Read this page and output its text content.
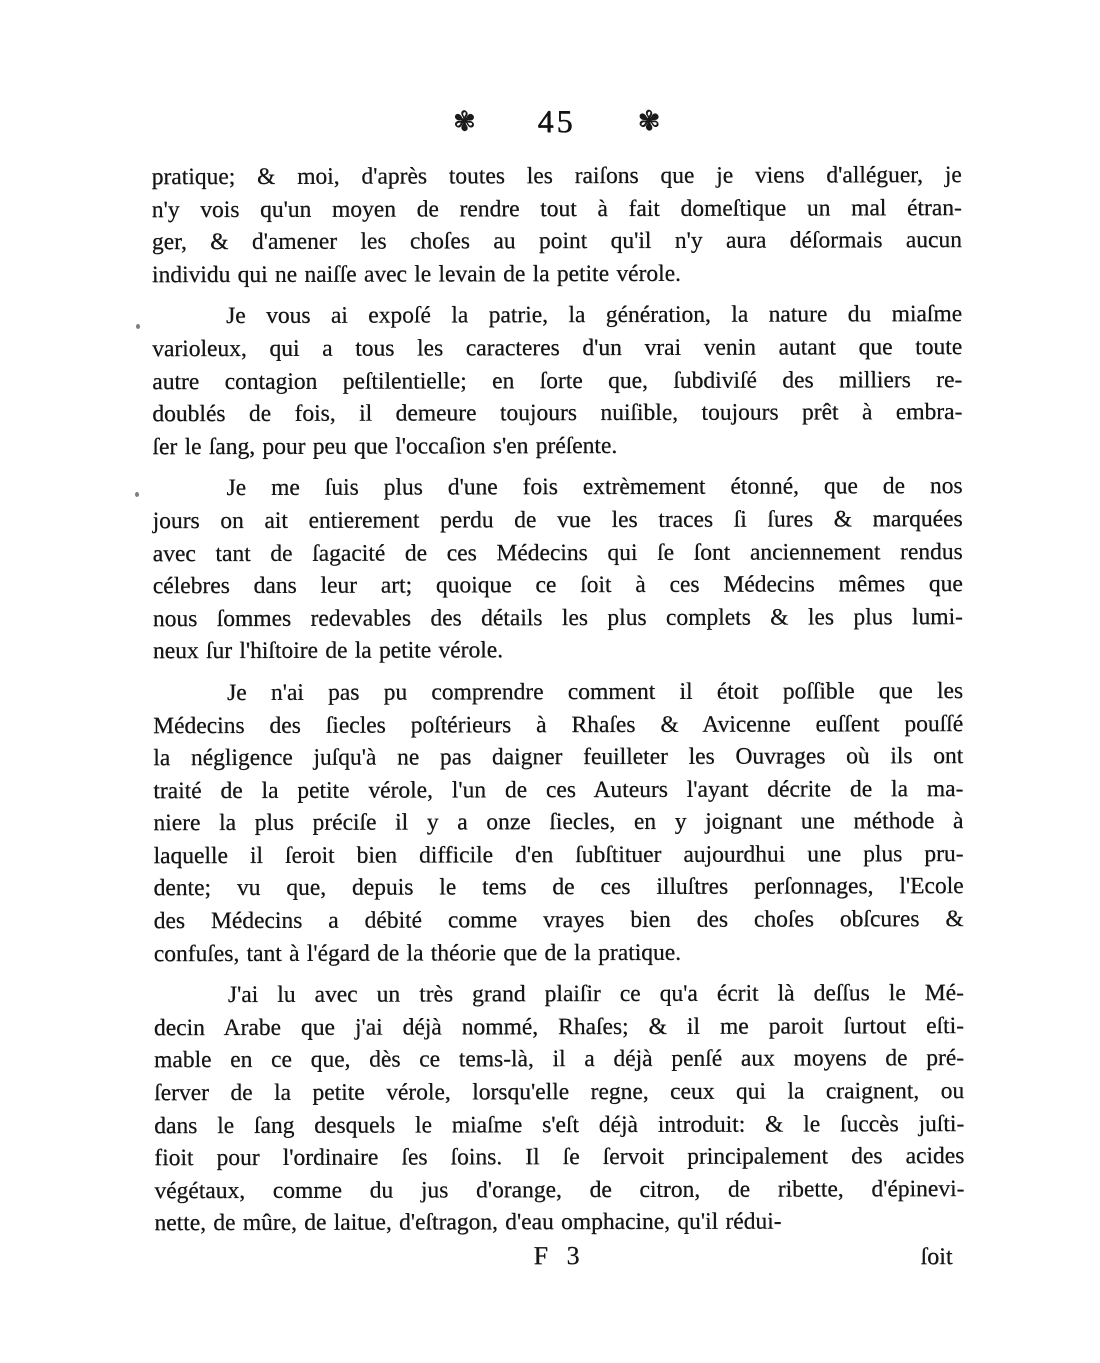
✾ 45 ✾

pratique; & moi, d'après toutes les raiſons que je viens d'alléguer, je
n'y vois qu'un moyen de rendre tout à fait domeſtique un mal étran-
ger, & d'amener les choſes au point qu'il n'y aura déſormais aucun
individu qui ne naiſſe avec le levain de la petite vérole.

Je vous ai expoſé la patrie, la génération, la nature du miaſme
varioleux, qui a tous les caracteres d'un vrai venin autant que toute
autre contagion peſtilentielle; en ſorte que, ſubdiviſé des milliers re-
doublés de fois, il demeure toujours nuiſible, toujours prêt à embra-
ſer le ſang, pour peu que l'occaſion s'en préſente.

Je me ſuis plus d'une fois extrèmement étonné, que de nos
jours on ait entierement perdu de vue les traces ſi ſures & marquées
avec tant de ſagacité de ces Médecins qui ſe ſont anciennement rendus
célebres dans leur art; quoique ce ſoit à ces Médecins mêmes que
nous ſommes redevables des détails les plus complets & les plus lumi-
neux ſur l'hiſtoire de la petite vérole.

Je n'ai pas pu comprendre comment il étoit poſſible que les
Médecins des ſiecles poſtérieurs à Rhaſes & Avicenne euſſent pouſſé
la négligence juſqu'à ne pas daigner feuilleter les Ouvrages où ils ont
traité de la petite vérole, l'un de ces Auteurs l'ayant décrite de la ma-
niere la plus préciſe il y a onze ſiecles, en y joignant une méthode à
laquelle il ſeroit bien difficile d'en ſubſtituer aujourdhui une plus pru-
dente; vu que, depuis le tems de ces illuſtres perſonnages, l'Ecole
des Médecins a débité comme vrayes bien des choſes obſcures &
confuſes, tant à l'égard de la théorie que de la pratique.

J'ai lu avec un très grand plaiſir ce qu'a écrit là deſſus le Mé-
decin Arabe que j'ai déjà nommé, Rhaſes; & il me paroit ſurtout eſti-
mable en ce que, dès ce tems-là, il a déjà penſé aux moyens de pré-
ſerver de la petite vérole, lorsqu'elle regne, ceux qui la craignent, ou
dans le ſang desquels le miaſme s'eſt déjà introduit: & le ſuccès juſti-
fioit pour l'ordinaire ſes ſoins. Il ſe ſervoit principalement des acides
végétaux, comme du jus d'orange, de citron, de ribette, d'épinevi-
nette, de mûre, de laitue, d'eſtragon, d'eau omphacine, qu'il rédui-

F 3	ſoit
